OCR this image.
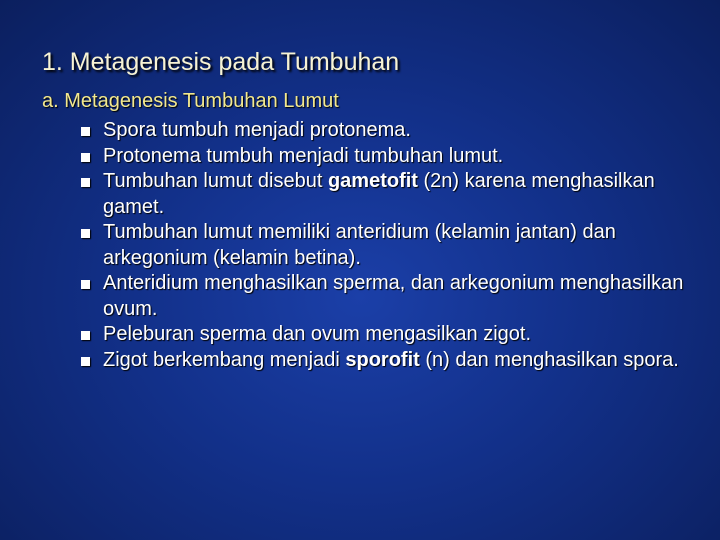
1. Metagenesis pada Tumbuhan
a. Metagenesis Tumbuhan Lumut
Spora tumbuh menjadi protonema.
Protonema tumbuh menjadi tumbuhan lumut.
Tumbuhan lumut disebut gametofit (2n) karena menghasilkan gamet.
Tumbuhan lumut memiliki anteridium (kelamin jantan) dan arkegonium (kelamin betina).
Anteridium menghasilkan sperma, dan arkegonium menghasilkan ovum.
Peleburan sperma dan ovum mengasilkan zigot.
Zigot berkembang menjadi sporofit (n) dan menghasilkan spora.
